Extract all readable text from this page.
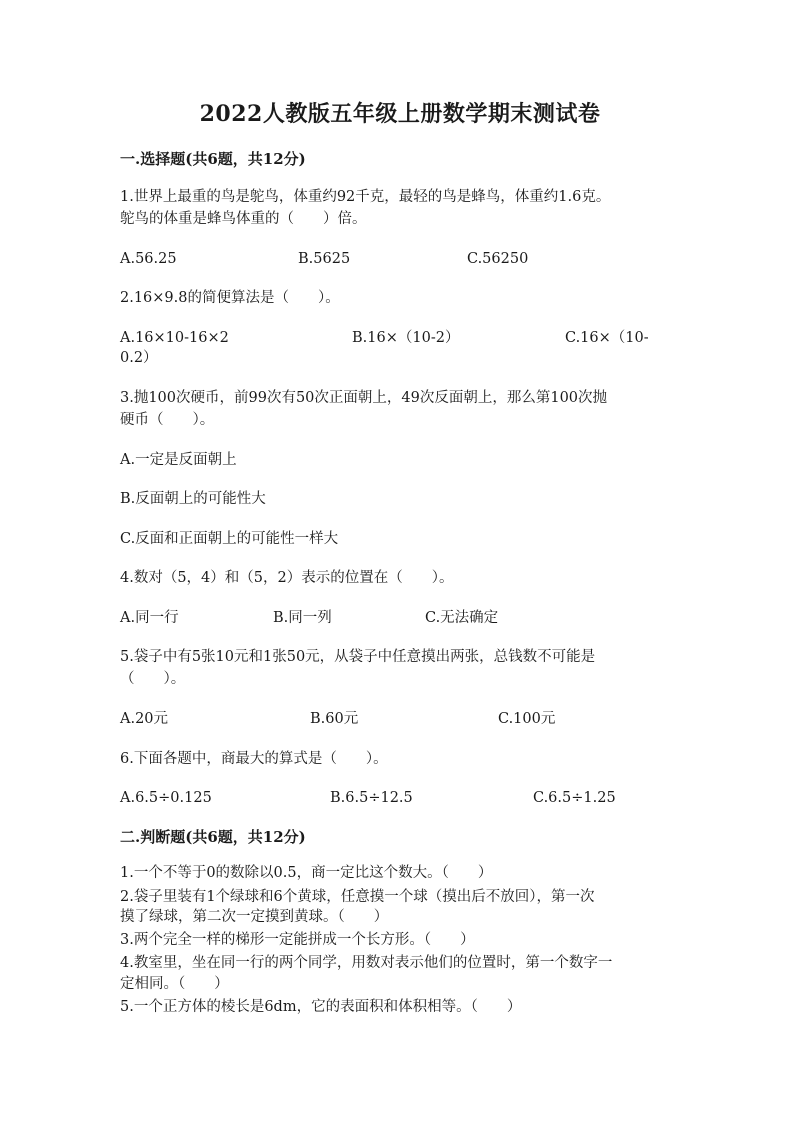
2022人教版五年级上册数学期末测试卷
一.选择题(共6题，共12分)
1.世界上最重的鸟是鸵鸟，体重约92千克，最轻的鸟是蜂鸟，体重约1.6克。
鸵鸟的体重是蜂鸟体重的（　　）倍。
A.56.25	B.5625	C.56250
2.16×9.8的简便算法是（　　）。
A.16×10-16×2	B.16×（10-2）	C.16×（10-
0.2）
3.抛100次硬币，前99次有50次正面朝上，49次反面朝上，那么第100次抛
硬币（　　）。
A.一定是反面朝上
B.反面朝上的可能性大
C.反面和正面朝上的可能性一样大
4.数对（5，4）和（5，2）表示的位置在（　　）。
A.同一行	B.同一列	C.无法确定
5.袋子中有5张10元和1张50元，从袋子中任意摸出两张，总钱数不可能是
（　　）。
A.20元	B.60元	C.100元
6.下面各题中，商最大的算式是（　　）。
A.6.5÷0.125	B.6.5÷12.5	C.6.5÷1.25
二.判断题(共6题，共12分)
1.一个不等于0的数除以0.5，商一定比这个数大。（　　）
2.袋子里装有1个绿球和6个黄球，任意摸一个球（摸出后不放回），第一次
摸了绿球，第二次一定摸到黄球。（　　）
3.两个完全一样的梯形一定能拼成一个长方形。（　　）
4.教室里，坐在同一行的两个同学，用数对表示他们的位置时，第一个数字一
定相同。（　　）
5.一个正方体的棱长是6dm，它的表面积和体积相等。（　　）
